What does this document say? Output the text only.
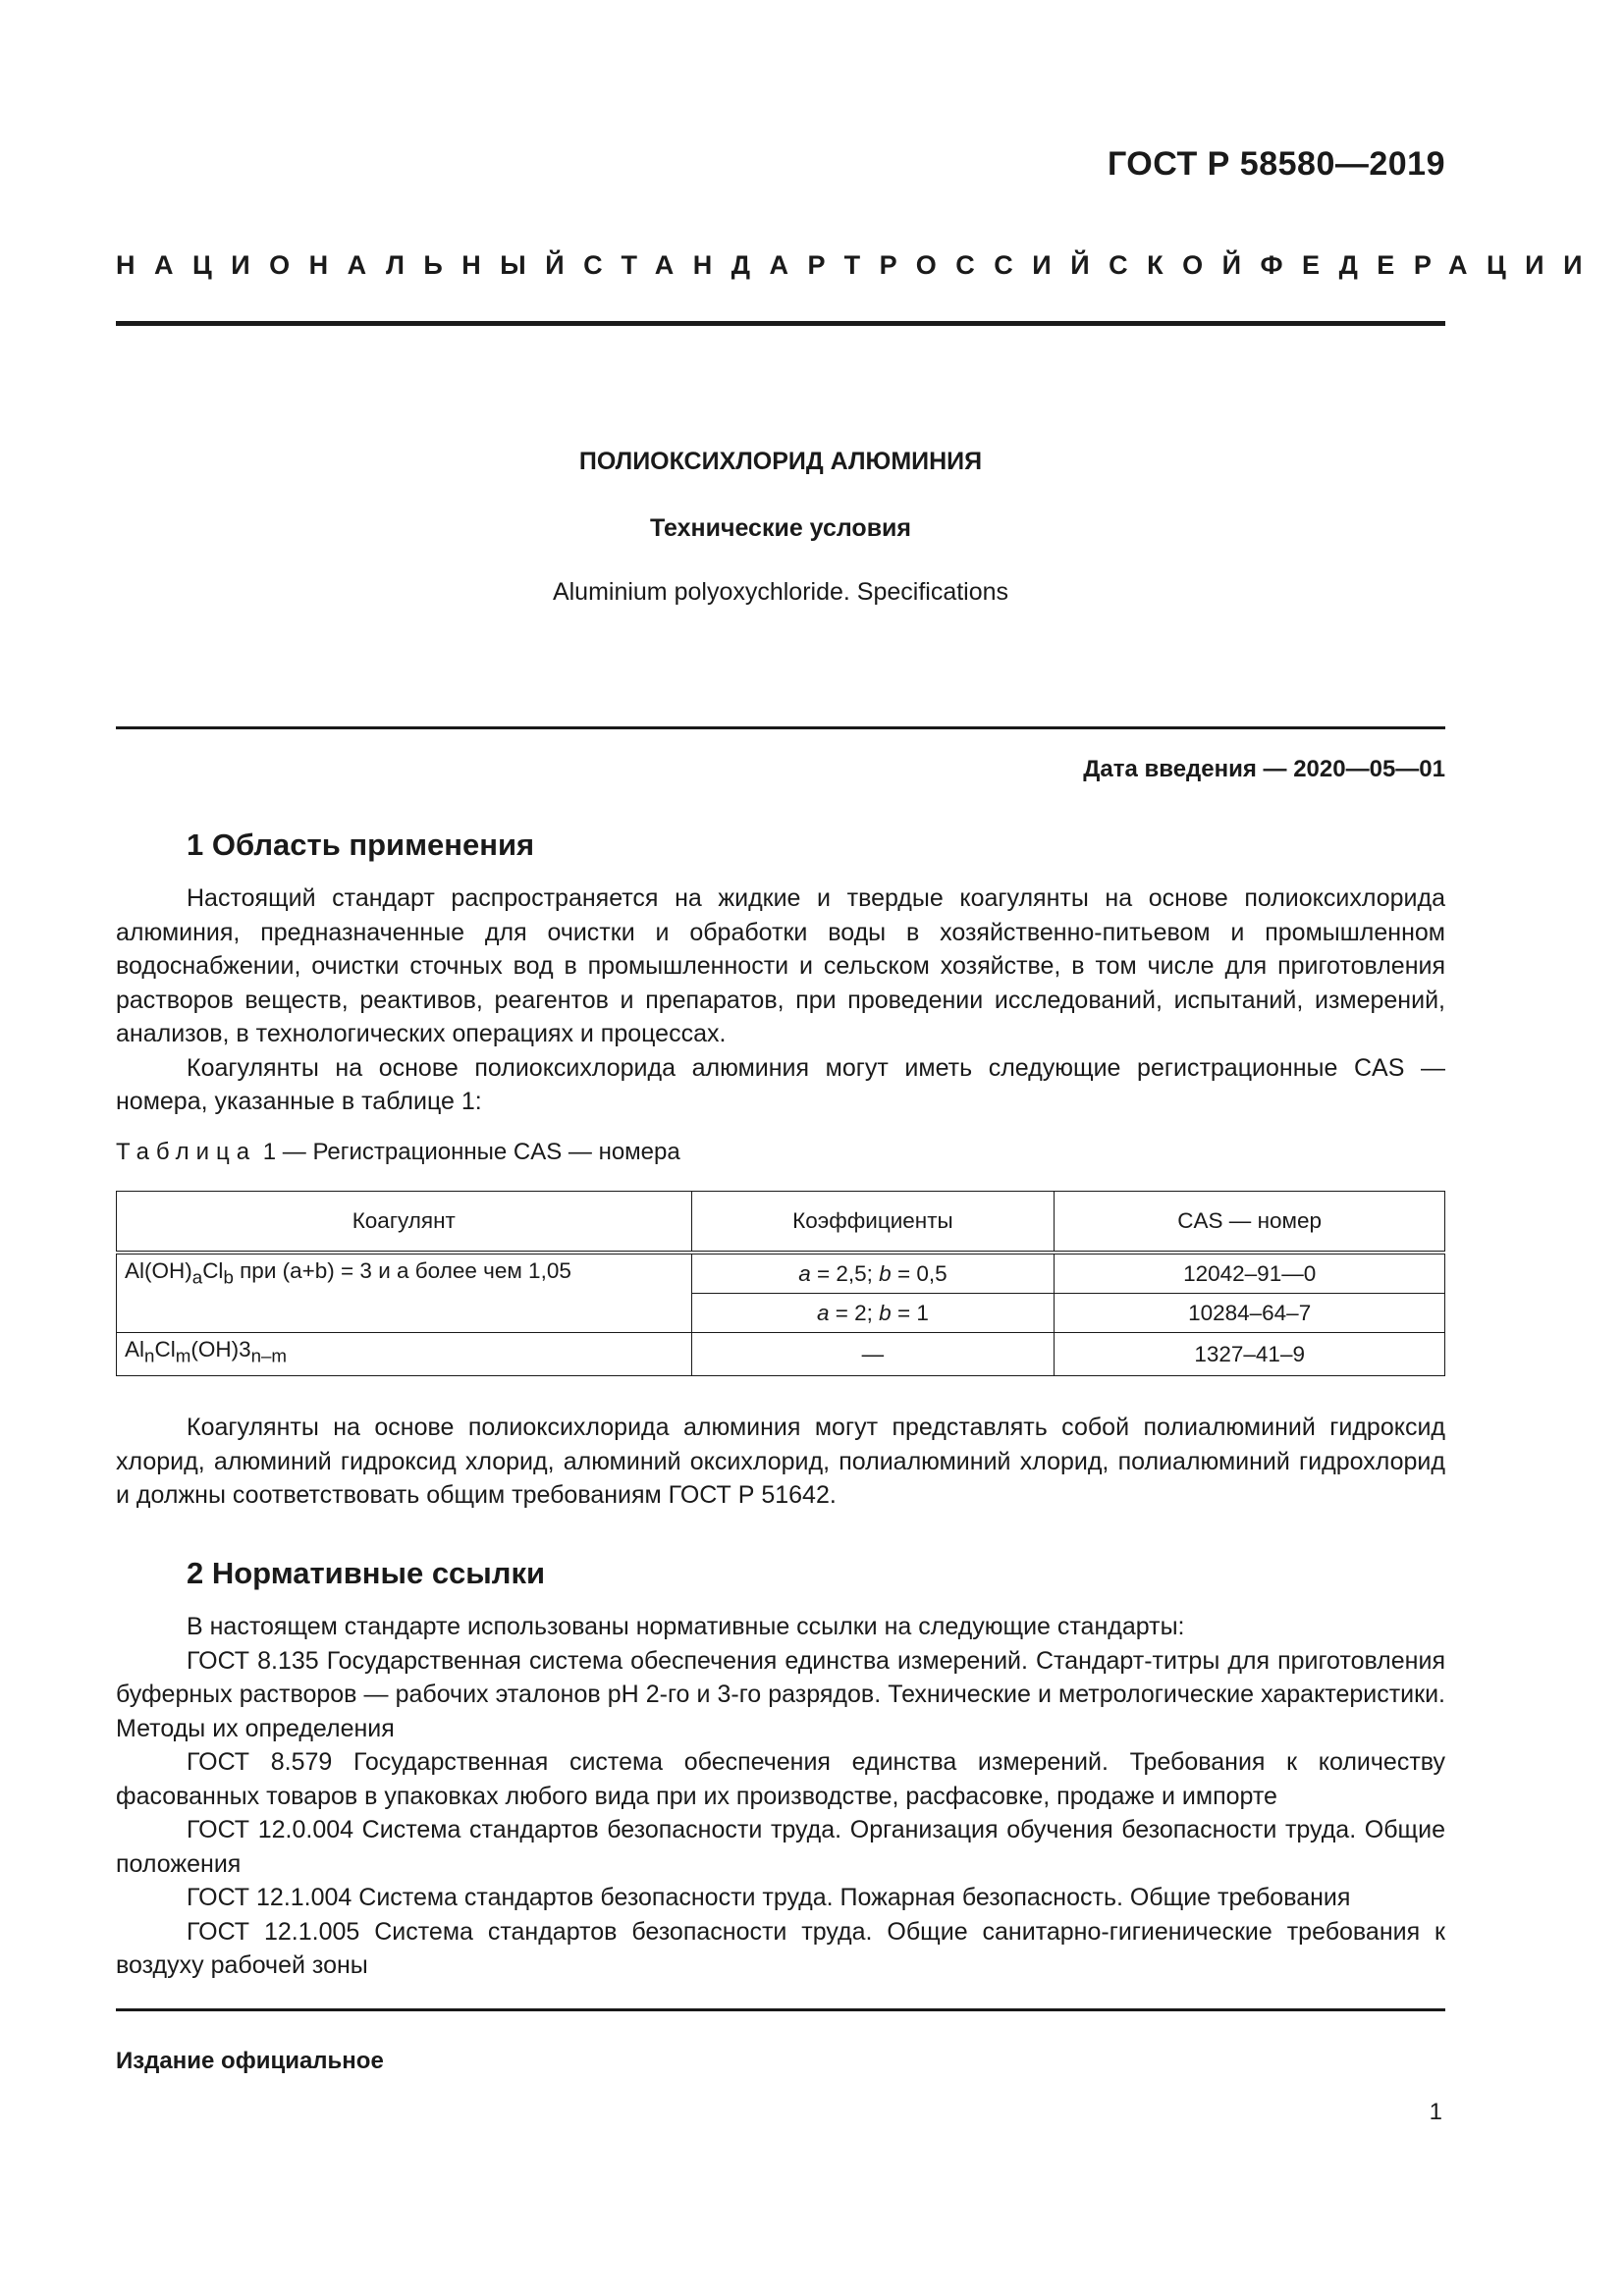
ГОСТ Р 58580—2019
НАЦИОНАЛЬНЫЙ СТАНДАРТ РОССИЙСКОЙ ФЕДЕРАЦИИ
ПОЛИОКСИХЛОРИД АЛЮМИНИЯ
Технические условия
Aluminium polyoxychloride. Specifications
Дата введения — 2020—05—01
1 Область применения

Настоящий стандарт распространяется на жидкие и твердые коагулянты на основе полиоксихлорида алюминия, предназначенные для очистки и обработки воды в хозяйственно-питьевом и промышленном водоснабжении, очистки сточных вод в промышленности и сельском хозяйстве, в том числе для приготовления растворов веществ, реактивов, реагентов и препаратов, при проведении исследований, испытаний, измерений, анализов, в технологических операциях и процессах.

Коагулянты на основе полиоксихлорида алюминия могут иметь следующие регистрационные CAS — номера, указанные в таблице 1:

Таблица 1 — Регистрационные CAS — номера
Коагулянт	Коэффициенты	CAS — номер
$Al(OH)_aCl_b$ при (a+b) = 3 и а более чем 1,05	a = 2,5; b = 0,5	12042–91—0
	a = 2; b = 1	10284–64–7
$Al_nCl_m(OH)3_{n-m}$	—	1327–41–9

Коагулянты на основе полиоксихлорида алюминия могут представлять собой полиалюминий гидроксид хлорид, алюминий гидроксид хлорид, алюминий оксихлорид, полиалюминий хлорид, полиалюминий гидрохлорид и должны соответствовать общим требованиям ГОСТ Р 51642.

2 Нормативные ссылки

В настоящем стандарте использованы нормативные ссылки на следующие стандарты:

ГОСТ 8.135 Государственная система обеспечения единства измерений. Стандарт-титры для приготовления буферных растворов — рабочих эталонов pH 2-го и 3-го разрядов. Технические и метрологические характеристики. Методы их определения

ГОСТ 8.579 Государственная система обеспечения единства измерений. Требования к количеству фасованных товаров в упаковках любого вида при их производстве, расфасовке, продаже и импорте

ГОСТ 12.0.004 Система стандартов безопасности труда. Организация обучения безопасности труда. Общие положения

ГОСТ 12.1.004 Система стандартов безопасности труда. Пожарная безопасность. Общие требования

ГОСТ 12.1.005 Система стандартов безопасности труда. Общие санитарно-гигиенические требования к воздуху рабочей зоны

Издание официальное
1
